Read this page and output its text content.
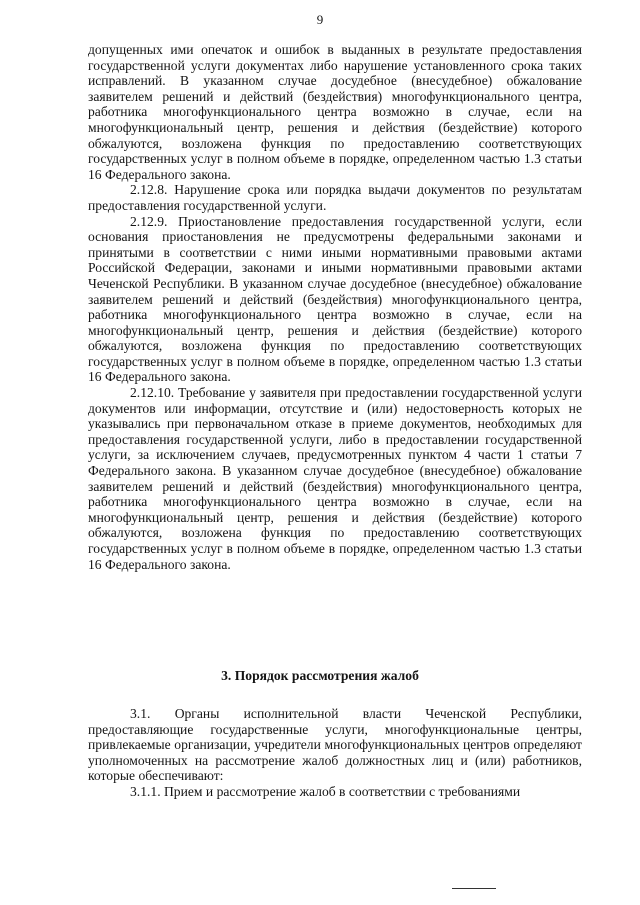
9

допущенных ими опечаток и ошибок в выданных в результате предоставления государственной услуги документах либо нарушение установленного срока таких исправлений. В указанном случае досудебное (внесудебное) обжалование заявителем решений и действий (бездействия) многофункционального центра, работника многофункционального центра возможно в случае, если на многофункциональный центр, решения и действия (бездействие) которого обжалуются, возложена функция по предоставлению соответствующих государственных услуг в полном объеме в порядке, определенном частью 1.3 статьи 16 Федерального закона.

2.12.8. Нарушение срока или порядка выдачи документов по результатам предоставления государственной услуги.

2.12.9. Приостановление предоставления государственной услуги, если основания приостановления не предусмотрены федеральными законами и принятыми в соответствии с ними иными нормативными правовыми актами Российской Федерации, законами и иными нормативными правовыми актами Чеченской Республики. В указанном случае досудебное (внесудебное) обжалование заявителем решений и действий (бездействия) многофункционального центра, работника многофункционального центра возможно в случае, если на многофункциональный центр, решения и действия (бездействие) которого обжалуются, возложена функция по предоставлению соответствующих государственных услуг в полном объеме в порядке, определенном частью 1.3 статьи 16 Федерального закона.

2.12.10. Требование у заявителя при предоставлении государственной услуги документов или информации, отсутствие и (или) недостоверность которых не указывались при первоначальном отказе в приеме документов, необходимых для предоставления государственной услуги, либо в предоставлении государственной услуги, за исключением случаев, предусмотренных пунктом 4 части 1 статьи 7 Федерального закона. В указанном случае досудебное (внесудебное) обжалование заявителем решений и действий (бездействия) многофункционального центра, работника многофункционального центра возможно в случае, если на многофункциональный центр, решения и действия (бездействие) которого обжалуются, возложена функция по предоставлению соответствующих государственных услуг в полном объеме в порядке, определенном частью 1.3 статьи 16 Федерального закона.

3. Порядок рассмотрения жалоб

3.1. Органы исполнительной власти Чеченской Республики, предоставляющие государственные услуги, многофункциональные центры, привлекаемые организации, учредители многофункциональных центров определяют уполномоченных на рассмотрение жалоб должностных лиц и (или) работников, которые обеспечивают:

3.1.1. Прием и рассмотрение жалоб в соответствии с требованиями
